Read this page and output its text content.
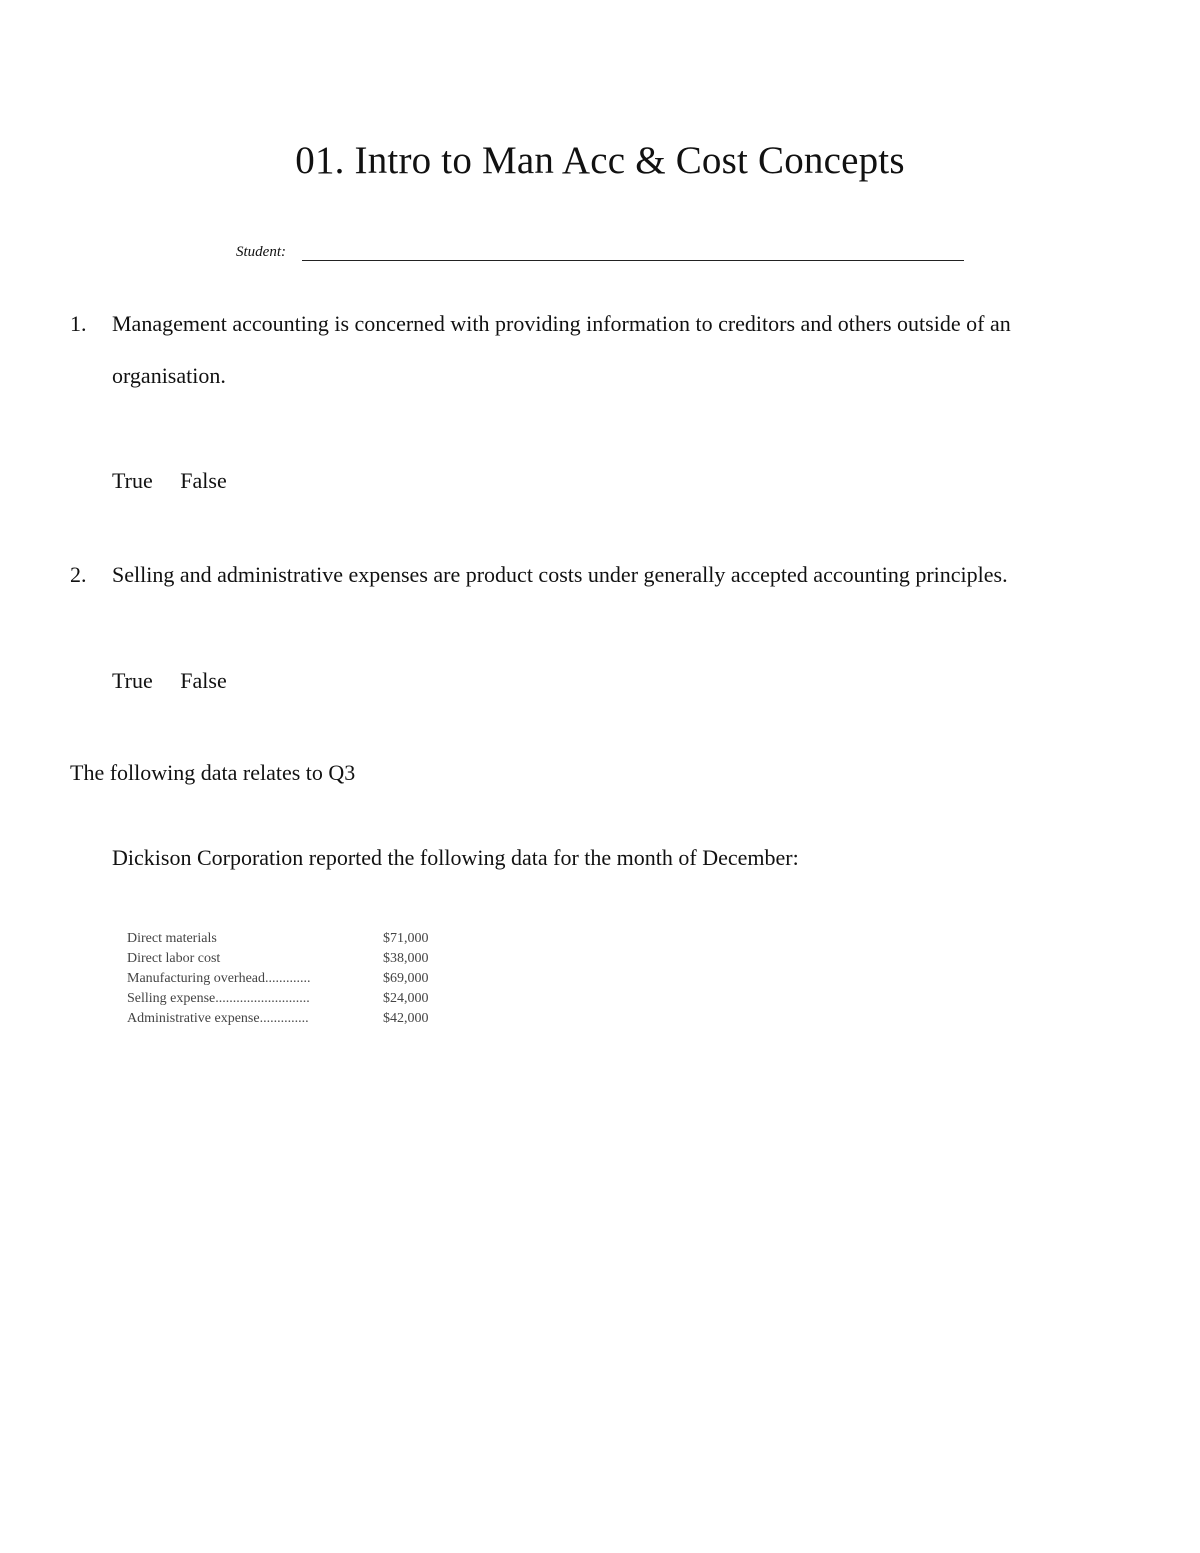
01. Intro to Man Acc & Cost Concepts
Student:
1. Management accounting is concerned with providing information to creditors and others outside of an organisation.
True False
2. Selling and administrative expenses are product costs under generally accepted accounting principles.
True False
The following data relates to Q3
Dickison Corporation reported the following data for the month of December:
Direct materials	$71,000
Direct labor cost	$38,000
Manufacturing overhead.............	$69,000
Selling expense...........................	$24,000
Administrative expense..............	$42,000
